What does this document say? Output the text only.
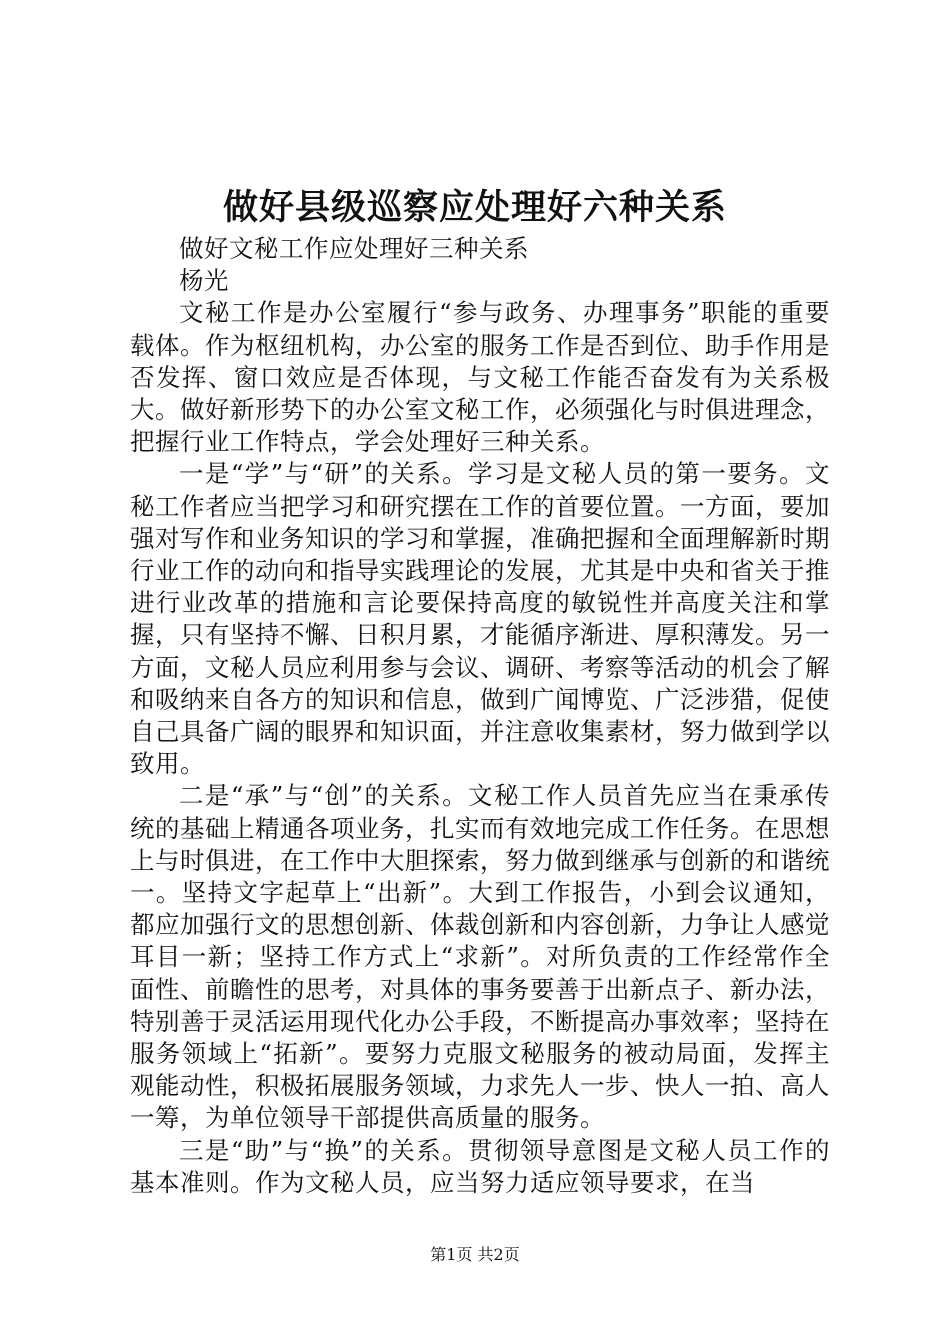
做好县级巡察应处理好六种关系

做好文秘工作应处理好三种关系

杨光

文秘工作是办公室履行“参与政务、办理事务”职能的重要载体。作为枢纽机构，办公室的服务工作是否到位、助手作用是否发挥、窗口效应是否体现，与文秘工作能否奋发有为关系极大。做好新形势下的办公室文秘工作，必须强化与时俱进理念，把握行业工作特点，学会处理好三种关系。

一是“学”与“研”的关系。学习是文秘人员的第一要务。文秘工作者应当把学习和研究摆在工作的首要位置。一方面，要加强对写作和业务知识的学习和掌握，准确把握和全面理解新时期行业工作的动向和指导实践理论的发展，尤其是中央和省关于推进行业改革的措施和言论要保持高度的敏锐性并高度关注和掌握，只有坚持不懈、日积月累，才能循序渐进、厚积薄发。另一方面，文秘人员应利用参与会议、调研、考察等活动的机会了解和吸纳来自各方的知识和信息，做到广闻博览、广泛涉猎，促使自己具备广阔的眼界和知识面，并注意收集素材，努力做到学以致用。

二是“承”与“创”的关系。文秘工作人员首先应当在秉承传统的基础上精通各项业务，扎实而有效地完成工作任务。在思想上与时俱进，在工作中大胆探索，努力做到继承与创新的和谐统一。坚持文字起草上“出新”。大到工作报告，小到会议通知，都应加强行文的思想创新、体裁创新和内容创新，力争让人感觉耳目一新；坚持工作方式上“求新”。对所负责的工作经常作全面性、前瞻性的思考，对具体的事务要善于出新点子、新办法，特别善于灵活运用现代化办公手段，不断提高办事效率；坚持在服务领域上“拓新”。要努力克服文秘服务的被动局面，发挥主观能动性，积极拓展服务领域，力求先人一步、快人一拍、高人一筹，为单位领导干部提供高质量的服务。

三是“助”与“换”的关系。贯彻领导意图是文秘人员工作的基本准则。作为文秘人员，应当努力适应领导要求，在当

第1页 共2页
